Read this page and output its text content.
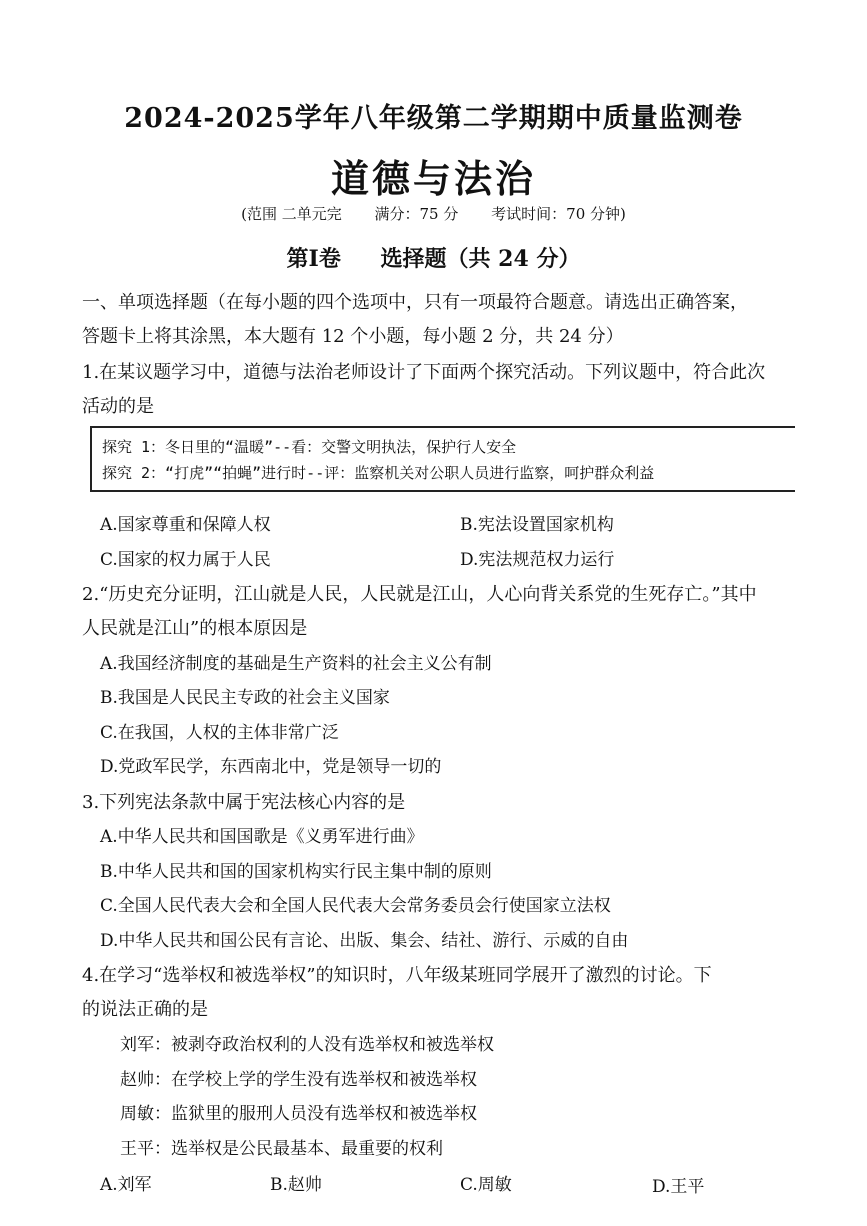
2024-2025学年八年级第二学期期中质量监测卷
道德与法治
(范围 二单元完 满分：75 分 考试时间：70 分钟)
第Ⅰ卷 选择题（共 24 分）
一、单项选择题（在每小题的四个选项中，只有一项最符合题意。请选出正确答案，
答题卡上将其涂黑，本大题有 12 个小题，每小题 2 分，共 24 分）
1.在某议题学习中，道德与法治老师设计了下面两个探究活动。下列议题中，符合此次
活动的是
探究 1：冬日里的“温暖”--看：交警文明执法，保护行人安全
探究 2：“打虎”“拍蝇”进行时--评：监察机关对公职人员进行监察，呵护群众利益
A.国家尊重和保障人权	B.宪法设置国家机构
C.国家的权力属于人民	D.宪法规范权力运行
2.“历史充分证明，江山就是人民，人民就是江山，人心向背关系党的生死存亡。”其中
人民就是江山”的根本原因是
A.我国经济制度的基础是生产资料的社会主义公有制
B.我国是人民民主专政的社会主义国家
C.在我国，人权的主体非常广泛
D.党政军民学，东西南北中，党是领导一切的
3.下列宪法条款中属于宪法核心内容的是
A.中华人民共和国国歌是《义勇军进行曲》
B.中华人民共和国的国家机构实行民主集中制的原则
C.全国人民代表大会和全国人民代表大会常务委员会行使国家立法权
D.中华人民共和国公民有言论、出版、集会、结社、游行、示威的自由
4.在学习“选举权和被选举权”的知识时，八年级某班同学展开了激烈的讨论。下
的说法正确的是
刘军：被剥夺政治权利的人没有选举权和被选举权
赵帅：在学校上学的学生没有选举权和被选举权
周敏：监狱里的服刑人员没有选举权和被选举权
王平：选举权是公民最基本、最重要的权利
A.刘军	B.赵帅	C.周敏	D.王平
